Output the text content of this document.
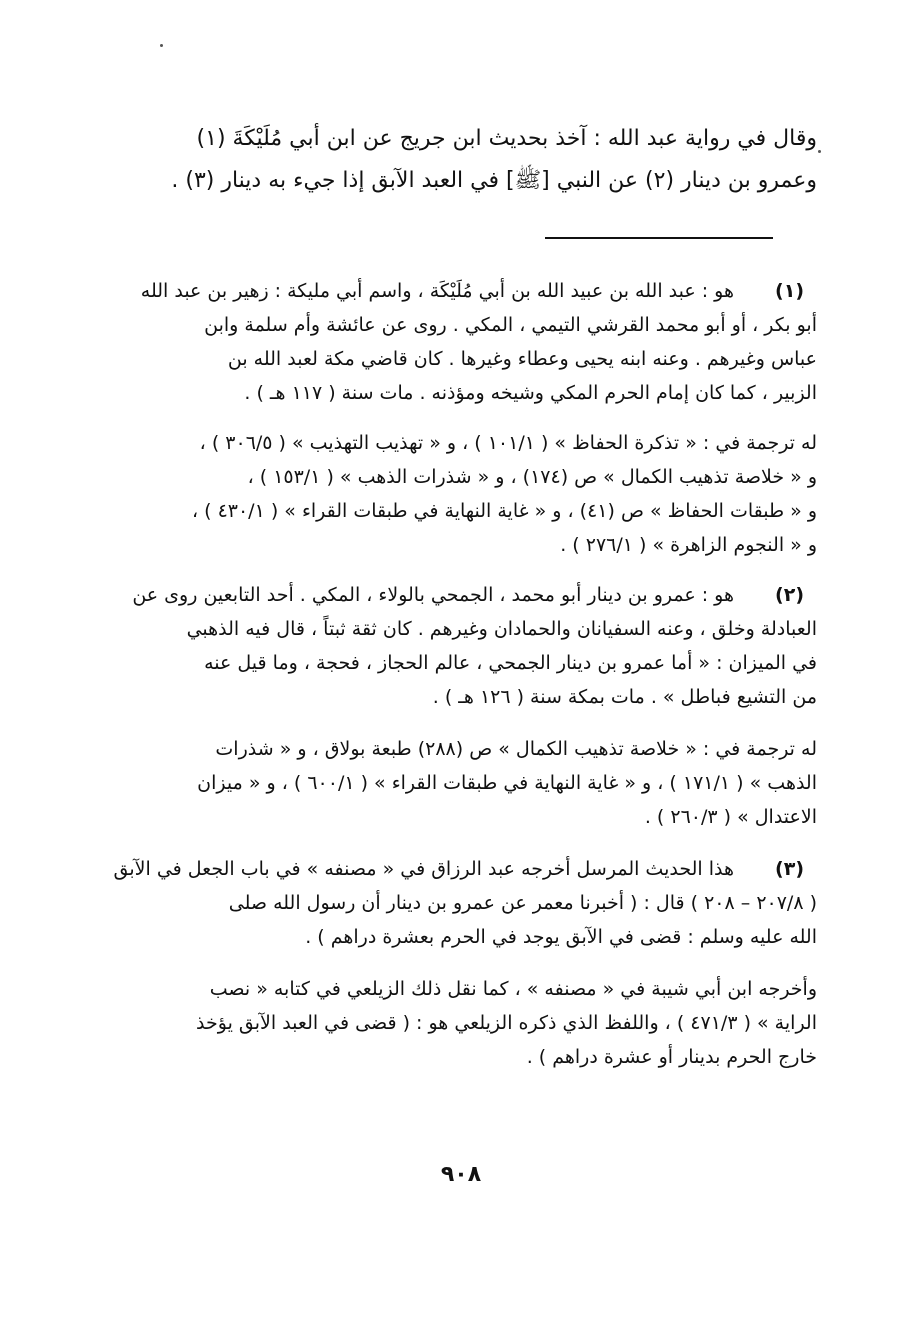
وقال في رواية عبد الله : آخذ بحديث ابن جريج عن ابن أبي مُلَيْكَةَ (١)
وعمرو بن دينار (٢) عن النبي [ﷺ] في العبد الآبق إذا جيء به دينار (٣) .
(١)
هو : عبد الله بن عبيد الله بن أبي مُلَيْكَة ، واسم أبي مليكة : زهير بن عبد الله
أبو بكر ، أو أبو محمد القرشي التيمي ، المكي . روى عن عائشة وأم سلمة وابن
عباس وغيرهم . وعنه ابنه يحيى وعطاء وغيرها . كان قاضي مكة لعبد الله بن
الزبير ، كما كان إمام الحرم المكي وشيخه ومؤذنه . مات سنة ( ١١٧ هـ ) .
له ترجمة في : « تذكرة الحفاظ » ( ١٠١/١ ) ، و « تهذيب التهذيب » ( ٣٠٦/٥ ) ،
و « خلاصة تذهيب الكمال » ص (١٧٤) ، و « شذرات الذهب » ( ١٥٣/١ ) ،
و « طبقات الحفاظ » ص (٤١) ، و « غاية النهاية في طبقات القراء » ( ٤٣٠/١ ) ،
و « النجوم الزاهرة » ( ٢٧٦/١ ) .
(٢)
هو : عمرو بن دينار أبو محمد ، الجمحي بالولاء ، المكي . أحد التابعين روى عن
العبادلة وخلق ، وعنه السفيانان والحمادان وغيرهم . كان ثقة ثبتاً ، قال فيه الذهبي
في الميزان : « أما عمرو بن دينار الجمحي ، عالم الحجاز ، فحجة ، وما قيل عنه
من التشيع فباطل » . مات بمكة سنة ( ١٢٦ هـ ) .
له ترجمة في : « خلاصة تذهيب الكمال » ص (٢٨٨) طبعة بولاق ، و « شذرات
الذهب » ( ١٧١/١ ) ، و « غاية النهاية في طبقات القراء » ( ٦٠٠/١ ) ، و « ميزان
الاعتدال » ( ٢٦٠/٣ ) .
(٣)
هذا الحديث المرسل أخرجه عبد الرزاق في « مصنفه » في باب الجعل في الآبق
( ٢٠٧/٨ – ٢٠٨ ) قال : ( أخبرنا معمر عن عمرو بن دينار أن رسول الله صلى
الله عليه وسلم : قضى في الآبق يوجد في الحرم بعشرة دراهم ) .
وأخرجه ابن أبي شيبة في « مصنفه » ، كما نقل ذلك الزيلعي في كتابه « نصب
الراية » ( ٤٧١/٣ ) ، واللفظ الذي ذكره الزيلعي هو : ( قضى في العبد الآبق يؤخذ
خارج الحرم بدينار أو عشرة دراهم ) .
٩٠٨
